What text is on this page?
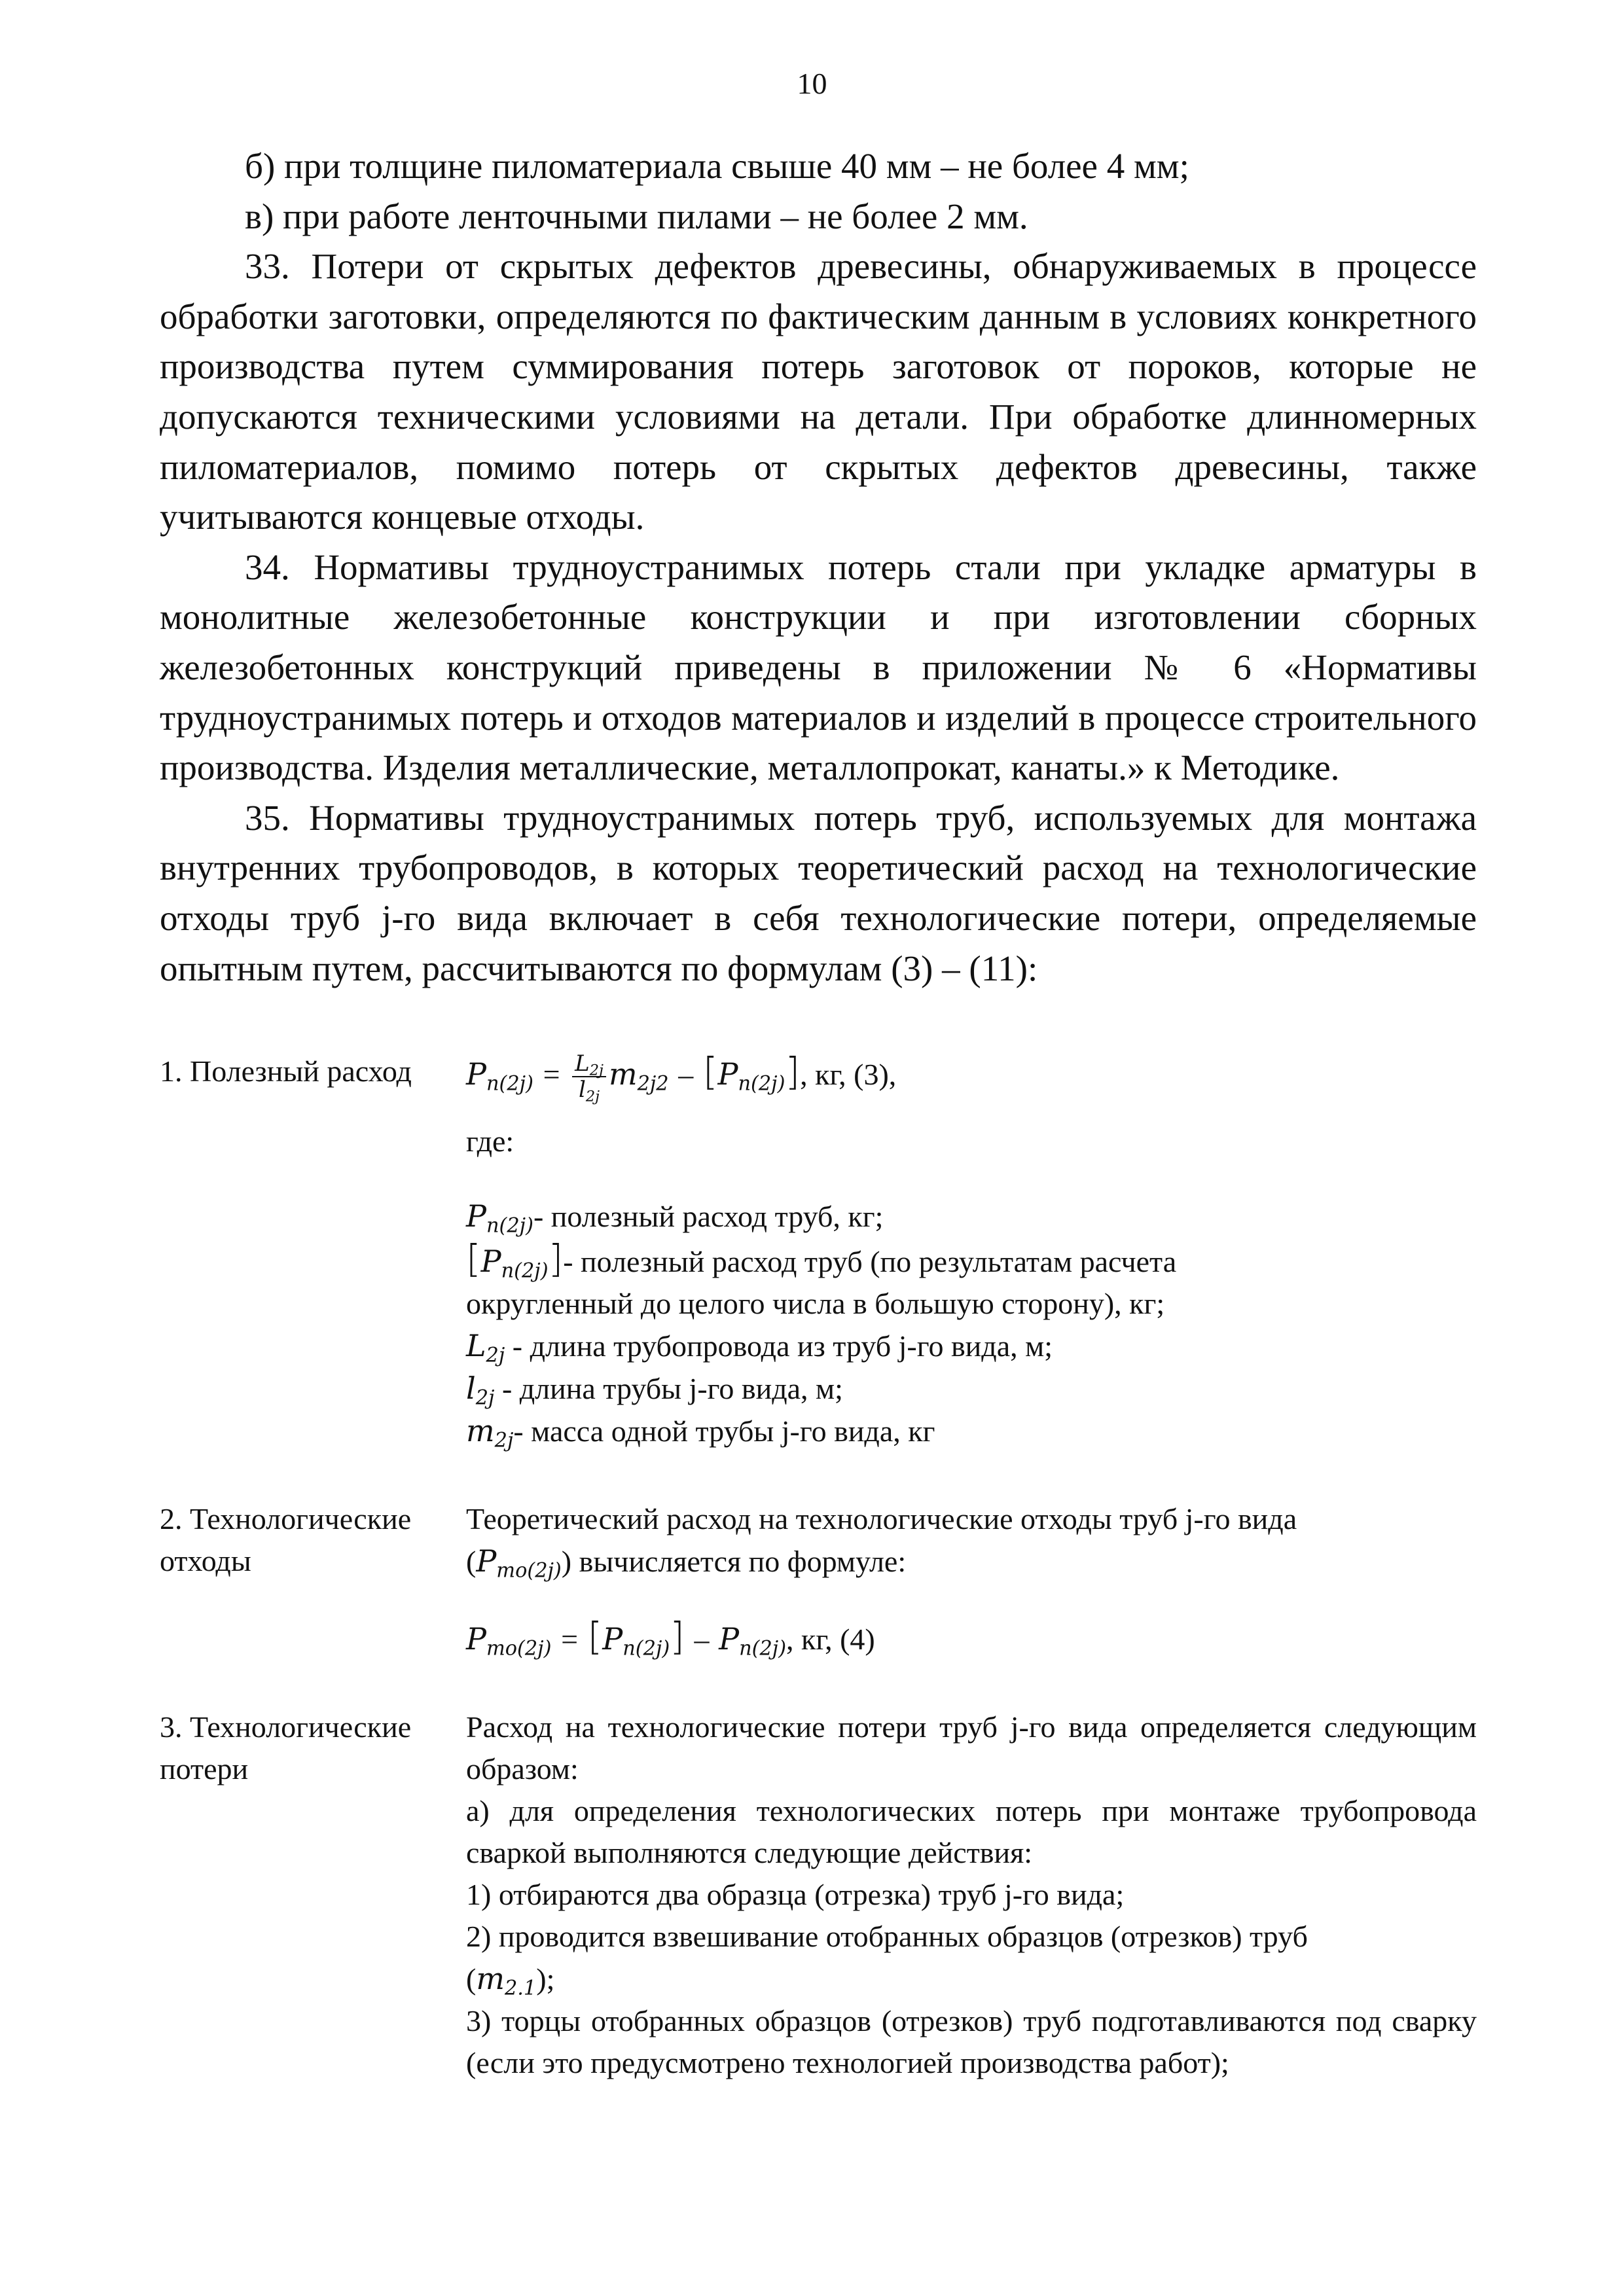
10

б) при толщине пиломатериала свыше 40 мм – не более 4 мм;

в) при работе ленточными пилами – не более 2 мм.

33. Потери от скрытых дефектов древесины, обнаруживаемых в процессе обработки заготовки, определяются по фактическим данным в условиях конкретного производства путем суммирования потерь заготовок от пороков, которые не допускаются техническими условиями на детали. При обработке длинномерных пиломатериалов, помимо потерь от скрытых дефектов древесины, также учитываются концевые отходы.

34. Нормативы трудноустранимых потерь стали при укладке арматуры в монолитные железобетонные конструкции и при изготовлении сборных железобетонных конструкций приведены в приложении № 6 «Нормативы трудноустранимых потерь и отходов материалов и изделий в процессе строительного производства. Изделия металлические, металлопрокат, канаты.» к Методике.

35. Нормативы трудноустранимых потерь труб, используемых для монтажа внутренних трубопроводов, в которых теоретический расход на технологические отходы труб j-го вида включает в себя технологические потери, определяемые опытным путем, рассчитываются по формулам (3) – (11):

1. Полезный расход	$P_{п(2j)} = \frac{L_{2j}}{l_{2j}} m_{2j2} - [P_{п(2j)}]$, кг, (3),
где:
$P_{п(2j)}-$ полезный расход труб, кг;
$[P_{п(2j)}]-$ полезный расход труб (по результатам расчета
округленный до целого числа в большую сторону), кг;
$L_{2j}$ - длина трубопровода из труб j-го вида, м;
$l_{2j}$ - длина трубы j-го вида, м;
$m_{2j}-$ масса одной трубы j-го вида, кг
2. Технологические
отходы

Теоретический расход на технологические отходы труб j-го вида

$(P_{то(2j)})$ вычисляется по формуле:
$P_{то(2j)} = [P_{п(2j)}] - P_{п(2j)}$, кг, (4)
3. Технологические
потери

Расход на технологические потери труб j-го вида определяется следующим образом:

а) для определения технологических потерь при монтаже трубопровода сваркой выполняются следующие действия:

1) отбираются два образца (отрезка) труб j-го вида;

2) проводится взвешивание отобранных образцов (отрезков) труб

$(m_{2.1})$;

3) торцы отобранных образцов (отрезков) труб подготавливаются под сварку (если это предусмотрено технологией производства работ);
